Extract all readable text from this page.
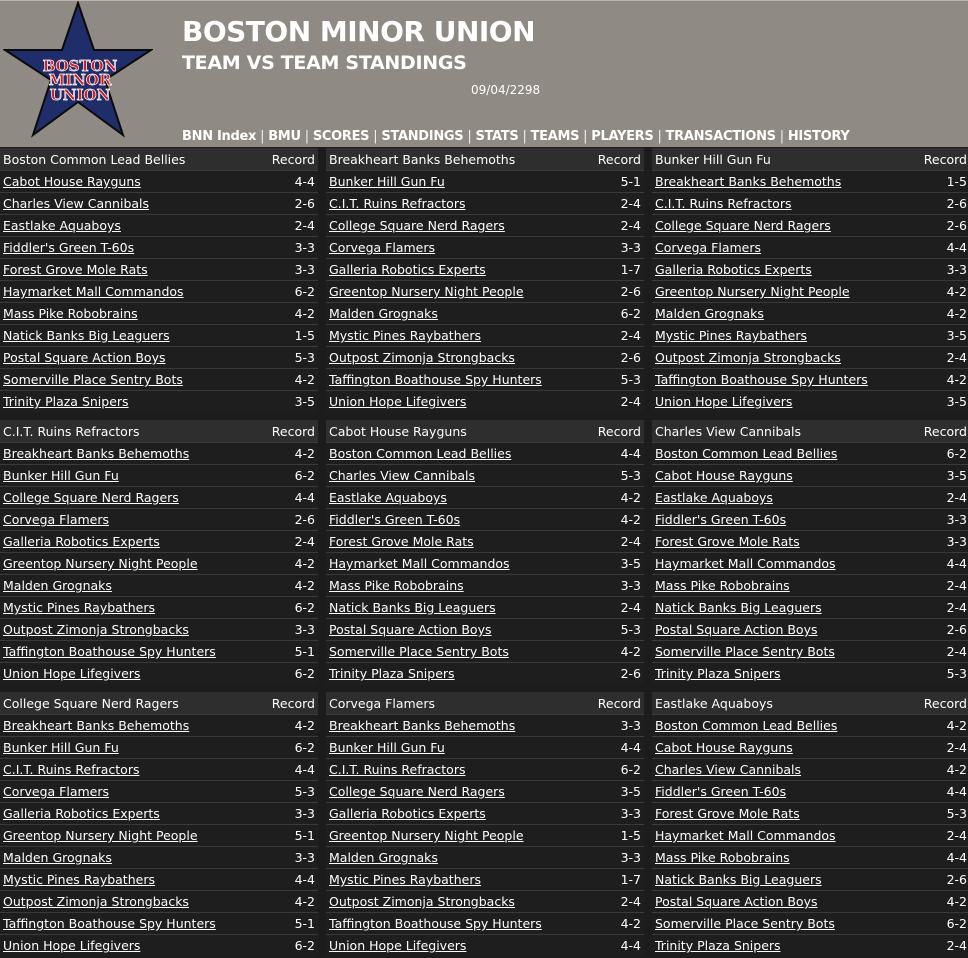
BOSTON
MINOR
UNION
BOSTON MINOR UNION
TEAM VS TEAM STANDINGS
09/04/2298
BNN Index | BMU | SCORES | STANDINGS | STATS | TEAMS | PLAYERS | TRANSACTIONS | HISTORY
Boston Common Lead Bellies	Record
Cabot House Rayguns	4-4
Charles View Cannibals	2-6
Eastlake Aquaboys	2-4
Fiddler's Green T-60s	3-3
Forest Grove Mole Rats	3-3
Haymarket Mall Commandos	6-2
Mass Pike Robobrains	4-2
Natick Banks Big Leaguers	1-5
Postal Square Action Boys	5-3
Somerville Place Sentry Bots	4-2
Trinity Plaza Snipers	3-5
Breakheart Banks Behemoths	Record
Bunker Hill Gun Fu	5-1
C.I.T. Ruins Refractors	2-4
College Square Nerd Ragers	2-4
Corvega Flamers	3-3
Galleria Robotics Experts	1-7
Greentop Nursery Night People	2-6
Malden Grognaks	6-2
Mystic Pines Raybathers	2-4
Outpost Zimonja Strongbacks	2-6
Taffington Boathouse Spy Hunters	5-3
Union Hope Lifegivers	2-4
Bunker Hill Gun Fu	Record
Breakheart Banks Behemoths	1-5
C.I.T. Ruins Refractors	2-6
College Square Nerd Ragers	2-6
Corvega Flamers	4-4
Galleria Robotics Experts	3-3
Greentop Nursery Night People	4-2
Malden Grognaks	4-2
Mystic Pines Raybathers	3-5
Outpost Zimonja Strongbacks	2-4
Taffington Boathouse Spy Hunters	4-2
Union Hope Lifegivers	3-5
C.I.T. Ruins Refractors	Record
Breakheart Banks Behemoths	4-2
Bunker Hill Gun Fu	6-2
College Square Nerd Ragers	4-4
Corvega Flamers	2-6
Galleria Robotics Experts	2-4
Greentop Nursery Night People	4-2
Malden Grognaks	4-2
Mystic Pines Raybathers	6-2
Outpost Zimonja Strongbacks	3-3
Taffington Boathouse Spy Hunters	5-1
Union Hope Lifegivers	6-2
Cabot House Rayguns	Record
Boston Common Lead Bellies	4-4
Charles View Cannibals	5-3
Eastlake Aquaboys	4-2
Fiddler's Green T-60s	4-2
Forest Grove Mole Rats	2-4
Haymarket Mall Commandos	3-5
Mass Pike Robobrains	3-3
Natick Banks Big Leaguers	2-4
Postal Square Action Boys	5-3
Somerville Place Sentry Bots	4-2
Trinity Plaza Snipers	2-6
Charles View Cannibals	Record
Boston Common Lead Bellies	6-2
Cabot House Rayguns	3-5
Eastlake Aquaboys	2-4
Fiddler's Green T-60s	3-3
Forest Grove Mole Rats	3-3
Haymarket Mall Commandos	4-4
Mass Pike Robobrains	2-4
Natick Banks Big Leaguers	2-4
Postal Square Action Boys	2-6
Somerville Place Sentry Bots	2-4
Trinity Plaza Snipers	5-3
College Square Nerd Ragers	Record
Breakheart Banks Behemoths	4-2
Bunker Hill Gun Fu	6-2
C.I.T. Ruins Refractors	4-4
Corvega Flamers	5-3
Galleria Robotics Experts	3-3
Greentop Nursery Night People	5-1
Malden Grognaks	3-3
Mystic Pines Raybathers	4-4
Outpost Zimonja Strongbacks	4-2
Taffington Boathouse Spy Hunters	5-1
Union Hope Lifegivers	6-2
Corvega Flamers	Record
Breakheart Banks Behemoths	3-3
Bunker Hill Gun Fu	4-4
C.I.T. Ruins Refractors	6-2
College Square Nerd Ragers	3-5
Galleria Robotics Experts	3-3
Greentop Nursery Night People	1-5
Malden Grognaks	3-3
Mystic Pines Raybathers	1-7
Outpost Zimonja Strongbacks	2-4
Taffington Boathouse Spy Hunters	4-2
Union Hope Lifegivers	4-4
Eastlake Aquaboys	Record
Boston Common Lead Bellies	4-2
Cabot House Rayguns	2-4
Charles View Cannibals	4-2
Fiddler's Green T-60s	4-4
Forest Grove Mole Rats	5-3
Haymarket Mall Commandos	2-4
Mass Pike Robobrains	4-4
Natick Banks Big Leaguers	2-6
Postal Square Action Boys	4-2
Somerville Place Sentry Bots	6-2
Trinity Plaza Snipers	2-4
